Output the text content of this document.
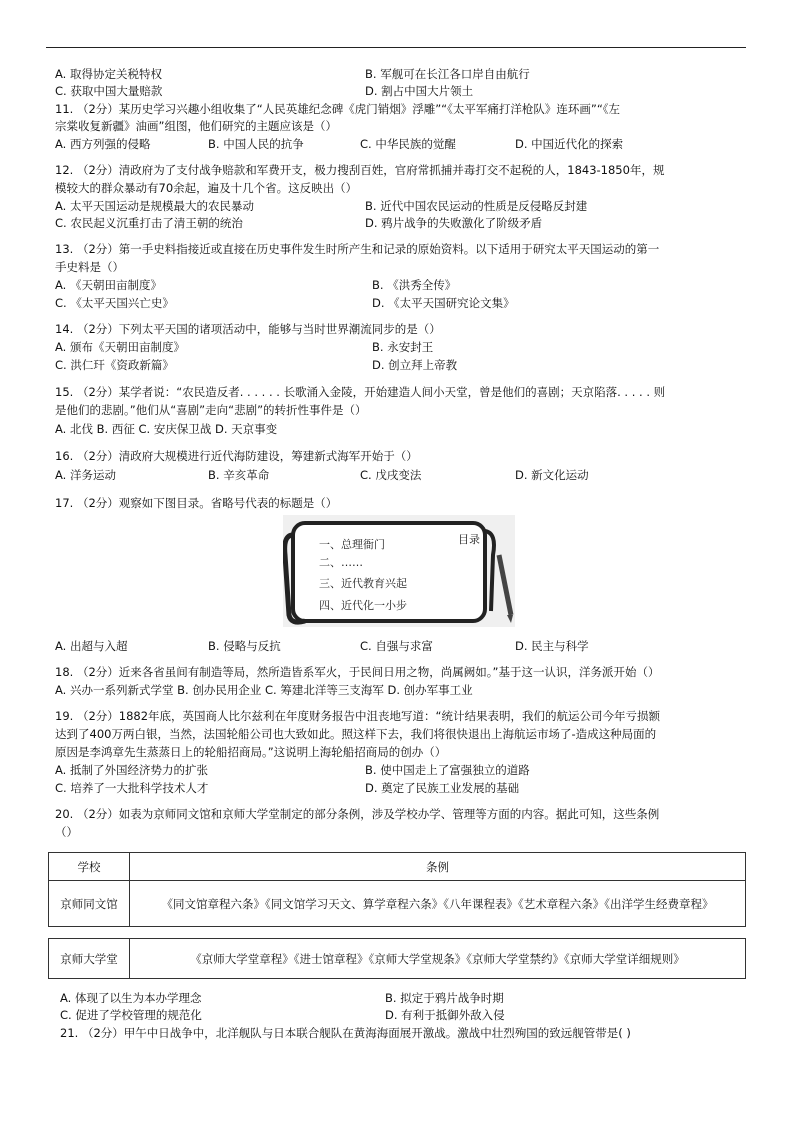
A. 取得协定关税特权	B. 军舰可在长江各口岸自由航行
C. 获取中国大量赔款	D. 割占中国大片领土
11. （2分）某历史学习兴趣小组收集了“人民英雄纪念碑《虎门销烟》浮雕”“《太平军痛打洋枪队》连环画”“《左
宗棠收复新疆》油画”组图，他们研究的主题应该是（）
A. 西方列强的侵略	B. 中国人民的抗争	C. 中华民族的觉醒	D. 中国近代化的探索
12. （2分）清政府为了支付战争赔款和军费开支，极力搜刮百姓，官府常抓捕并毒打交不起税的人，1843-1850年，规
模较大的群众暴动有70余起，遍及十几个省。这反映出（）
A. 太平天国运动是规模最大的农民暴动	B. 近代中国农民运动的性质是反侵略反封建
C. 农民起义沉重打击了清王朝的统治	D. 鸦片战争的失败激化了阶级矛盾
13. （2分）第一手史料指接近或直接在历史事件发生时所产生和记录的原始资料。以下适用于研究太平天国运动的第一
手史料是（）
A. 《天朝田亩制度》	B. 《洪秀全传》
C. 《太平天国兴亡史》	D. 《太平天国研究论文集》
14. （2分）下列太平天国的诸项活动中，能够与当时世界潮流同步的是（）
A. 颁布《天朝田亩制度》	B. 永安封王
C. 洪仁玕《资政新篇》	D. 创立拜上帝教
15. （2分）某学者说：“农民造反者. . . . . . 长歌涌入金陵，开始建造人间小天堂，曾是他们的喜剧；天京陷落. . . . . 则
是他们的悲剧。”他们从“喜剧”走向“悲剧”的转折性事件是（）
A. 北伐 B. 西征 C. 安庆保卫战 D. 天京事变
16. （2分）清政府大规模进行近代海防建设，筹建新式海军开始于（）
A. 洋务运动	B. 辛亥革命	C. 戊戌变法	D. 新文化运动
17. （2分）观察如下图目录。省略号代表的标题是（）
目录
一、总理衙门
二、……
三、近代教育兴起
四、近代化一小步
A. 出超与入超	B. 侵略与反抗	C. 自强与求富	D. 民主与科学
18. （2分）近来各省虽间有制造等局，然所造皆系军火，于民间日用之物，尚属阙如。”基于这一认识，洋务派开始（）
A. 兴办一系列新式学堂 B. 创办民用企业 C. 筹建北洋等三支海军 D. 创办军事工业
19. （2分）1882年底，英国商人比尔兹利在年度财务报告中沮丧地写道：“统计结果表明，我们的航运公司今年亏损额
达到了400万两白银，当然，法国轮船公司也大致如此。照这样下去，我们将很快退出上海航运市场了-造成这种局面的
原因是李鸿章先生蒸蒸日上的轮船招商局。”这说明上海轮船招商局的创办（）
A. 抵制了外国经济势力的扩张	B. 使中国走上了富强独立的道路
C. 培养了一大批科学技术人才	D. 奠定了民族工业发展的基础
20. （2分）如表为京师同文馆和京师大学堂制定的部分条例，涉及学校办学、管理等方面的内容。据此可知，这些条例
（）
学校	条例
京师同文馆	《同文馆章程六条》《同文馆学习天文、算学章程六条》《八年课程表》《艺术章程六条》《出洋学生经费章程》
京师大学堂	《京师大学堂章程》《进士馆章程》《京师大学堂规条》《京师大学堂禁约》《京师大学堂详细规则》
A. 体现了以生为本办学理念	B. 拟定于鸦片战争时期
C. 促进了学校管理的规范化	D. 有利于抵御外敌入侵
21. （2分）甲午中日战争中，北洋舰队与日本联合舰队在黄海海面展开激战。激战中壮烈殉国的致远舰管带是( )
